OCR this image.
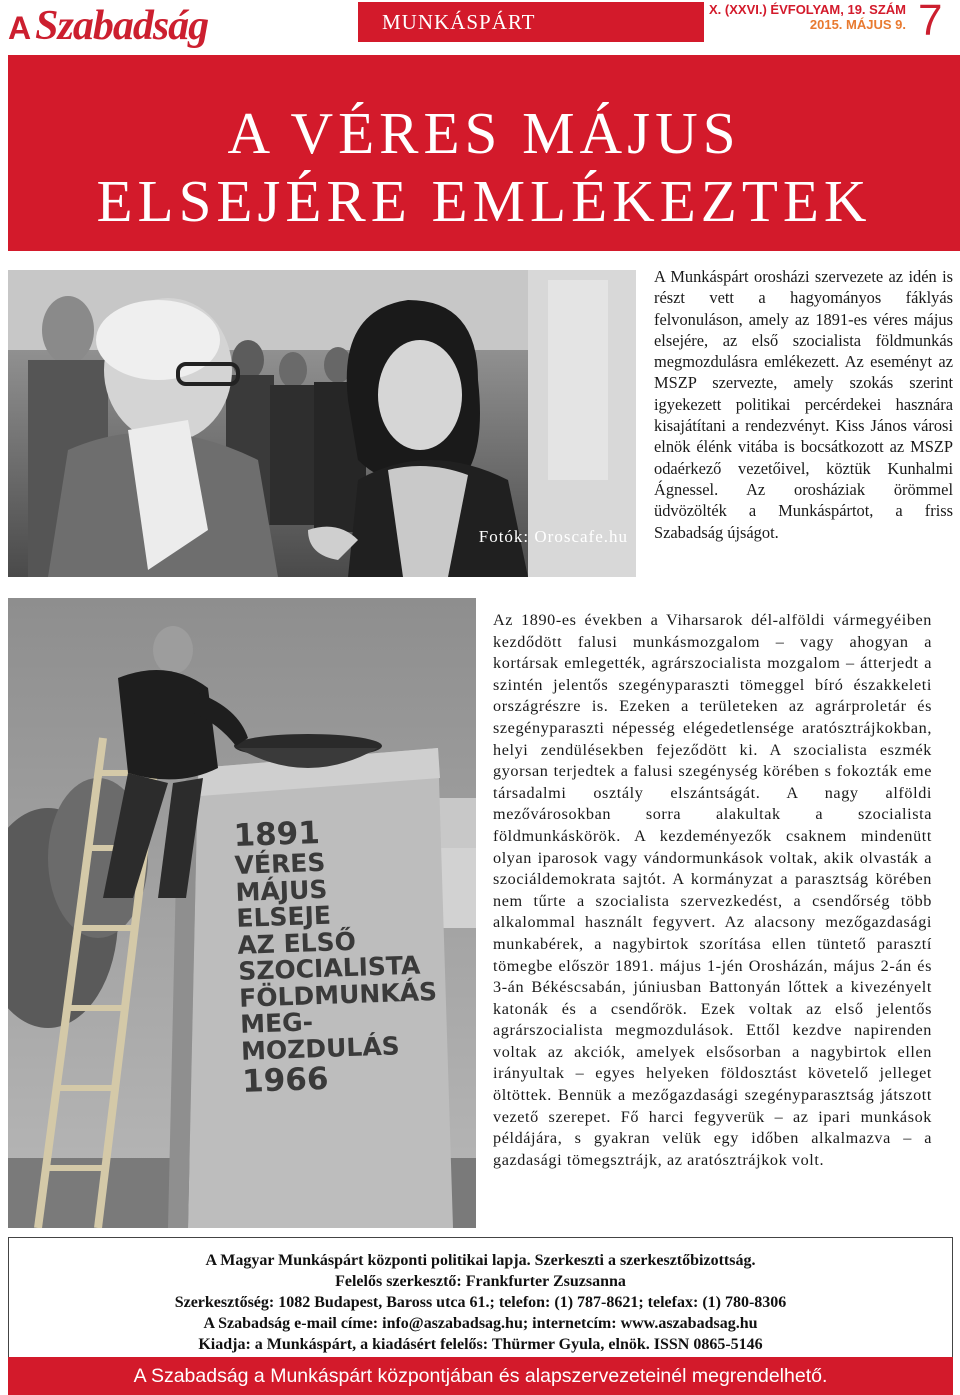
A Szabadság	MUNKÁSPÁRT
X. (XXVI.) ÉVFOLYAM, 19. SZÁM
2015. MÁJUS 9. 7
A VÉRES MÁJUS
ELSEJÉRE EMLÉKEZTEK
Fotók: Oroscafe.hu

A Munkáspárt orosházi szervezete az idén is részt vett a hagyományos fáklyás felvonuláson, amely az 1891-es véres május elsejére, az első szocialista földmunkás megmozdulásra emlékezett. Az eseményt az MSZP szervezte, amely szokás szerint igyekezett politikai percérdekei hasznára kisajátítani a rendezvényt. Kiss János városi elnök élénk vitába is bocsátkozott az MSZP odaérkező vezetőivel, köztük Kunhalmi Ágnessel. Az orosháziak örömmel üdvözölték a Munkáspártot, a friss Szabadság újságot.

1891
VÉRES
MÁJUS
ELSEJE
AZ ELSŐ
SZOCIALISTA
FÖLDMUNKÁS
MEG-
MOZDULÁS
1966

Az 1890-es években a Viharsarok dél-alföldi vármegyéiben kezdődött falusi munkásmozgalom – vagy ahogyan a kortársak emlegették, agrárszocialista mozgalom – átterjedt a szintén jelentős szegényparaszti tömeggel bíró északkeleti országrészre is. Ezeken a területeken az agrárproletár és szegényparaszti népesség elégedetlensége aratósztrájkokban, helyi zendülésekben fejeződött ki. A szocialista eszmék gyorsan terjedtek a falusi szegénység körében s fokozták eme társadalmi osztály elszántságát. A nagy alföldi mezővárosokban sorra alakultak a szocialista földmunkáskörök. A kezdeményezők csaknem mindenütt olyan iparosok vagy vándormunkások voltak, akik olvasták a szociáldemokrata sajtót. A kormányzat a parasztság körében nem tűrte a szocialista szervezkedést, a csendőrség több alkalommal használt fegyvert. Az alacsony mezőgazdasági munkabérek, a nagybirtok szorítása ellen tüntető parasztí tömegbe először 1891. május 1-jén Orosházán, május 2-án és 3-án Békéscsabán, júniusban Battonyán lőttek a kivezényelt katonák és a csendőrök. Ezek voltak az első jelentős agrárszocialista megmozdulások. Ettől kezdve napirenden voltak az akciók, amelyek elsősorban a nagybirtok ellen irányultak – egyes helyeken földosztást követelő jelleget öltöttek. Bennük a mezőgazdasági szegényparasztság játszott vezető szerepet. Fő harci fegyverük – az ipari munkások példájára, s gyakran velük egy időben alkalmazva – a gazdasági tömegsztrájk, az aratósztrájkok volt.

A Magyar Munkáspárt központi politikai lapja. Szerkeszti a szerkesztőbizottság.
Felelős szerkesztő: Frankfurter Zsuzsanna
Szerkesztőség: 1082 Budapest, Baross utca 61.; telefon: (1) 787-8621; telefax: (1) 780-8306
A Szabadság e-mail címe: info@aszabadsag.hu; internetcím: www.aszabadsag.hu
Kiadja: a Munkáspárt, a kiadásért felelős: Thürmer Gyula, elnök. ISSN 0865-5146
A Szabadság a Munkáspárt központjában és alapszervezeteinél megrendelhető.
